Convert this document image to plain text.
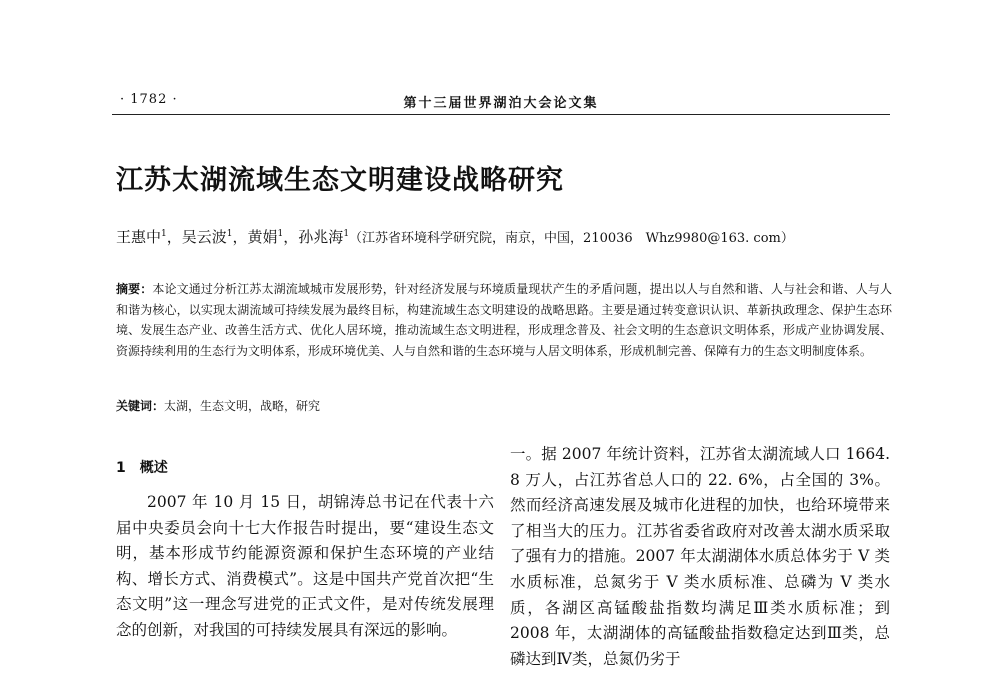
· 1782 ·	第十三届世界湖泊大会论文集
江苏太湖流域生态文明建设战略研究
王惠中$^1$，吴云波$^1$，黄娟$^1$，孙兆海$^1$（江苏省环境科学研究院，南京，中国，210036　Whz9980@163. com）
摘要：本论文通过分析江苏太湖流域城市发展形势，针对经济发展与环境质量现状产生的矛盾问题，提出以人与自然和谐、人与社会和谐、人与人和谐为核心，以实现太湖流域可持续发展为最终目标，构建流域生态文明建设的战略思路。主要是通过转变意识认识、革新执政理念、保护生态环境、发展生态产业、改善生活方式、优化人居环境，推动流域生态文明进程，形成理念普及、社会文明的生态意识文明体系，形成产业协调发展、资源持续利用的生态行为文明体系，形成环境优美、人与自然和谐的生态环境与人居文明体系，形成机制完善、保障有力的生态文明制度体系。
关键词：太湖，生态文明，战略，研究
1 概述

2007 年 10 月 15 日，胡锦涛总书记在代表十六届中央委员会向十七大作报告时提出，要“建设生态文明，基本形成节约能源资源和保护生态环境的产业结构、增长方式、消费模式”。这是中国共产党首次把“生态文明”这一理念写进党的正式文件，是对传统发展理念的创新，对我国的可持续发展具有深远的影响。

一。据 2007 年统计资料，江苏省太湖流域人口 1664. 8 万人，占江苏省总人口的 22. 6%，占全国的 3%。然而经济高速发展及城市化进程的加快，也给环境带来了相当大的压力。江苏省委省政府对改善太湖水质采取了强有力的措施。2007 年太湖湖体水质总体劣于 V 类水质标准，总氮劣于 V 类水质标准、总磷为 V 类水质，各湖区高锰酸盐指数均满足Ⅲ类水质标准；到 2008 年，太湖湖体的高锰酸盐指数稳定达到Ⅲ类，总磷达到Ⅳ类，总氮仍劣于
